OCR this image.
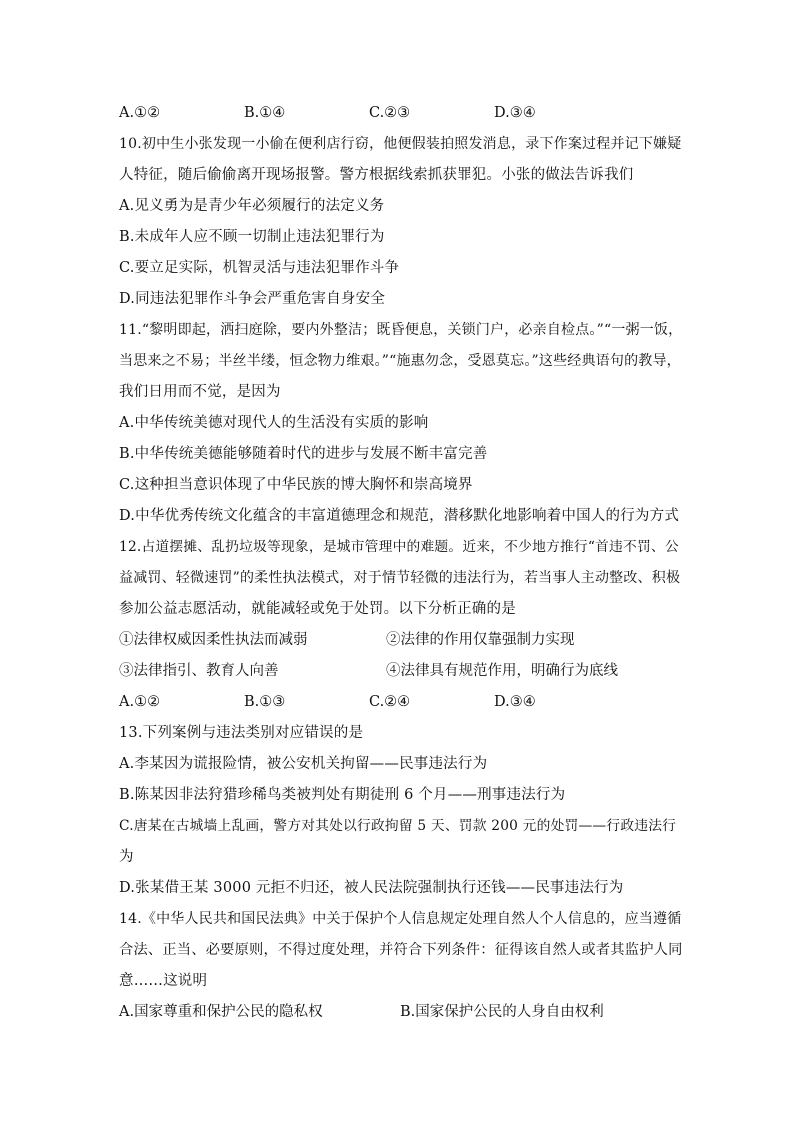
A.①②	B.①④	C.②③	D.③④
10.初中生小张发现一小偷在便利店行窃，他便假装拍照发消息，录下作案过程并记下嫌疑
人特征，随后偷偷离开现场报警。警方根据线索抓获罪犯。小张的做法告诉我们
A.见义勇为是青少年必须履行的法定义务
B.未成年人应不顾一切制止违法犯罪行为
C.要立足实际，机智灵活与违法犯罪作斗争
D.同违法犯罪作斗争会严重危害自身安全
11.“黎明即起，洒扫庭除，要内外整洁；既昏便息，关锁门户，必亲自检点。”“一粥一饭，
当思来之不易；半丝半缕，恒念物力维艰。”“施惠勿念，受恩莫忘。”这些经典语句的教导，
我们日用而不觉，是因为
A.中华传统美德对现代人的生活没有实质的影响
B.中华传统美德能够随着时代的进步与发展不断丰富完善
C.这种担当意识体现了中华民族的博大胸怀和崇高境界
D.中华优秀传统文化蕴含的丰富道德理念和规范，潜移默化地影响着中国人的行为方式
12.占道摆摊、乱扔垃圾等现象，是城市管理中的难题。近来，不少地方推行“首违不罚、公
益减罚、轻微速罚”的柔性执法模式，对于情节轻微的违法行为，若当事人主动整改、积极
参加公益志愿活动，就能减轻或免于处罚。以下分析正确的是
①法律权威因柔性执法而减弱	②法律的作用仅靠强制力实现
③法律指引、教育人向善	④法律具有规范作用，明确行为底线
A.①②	B.①③	C.②④	D.③④
13.下列案例与违法类别对应错误的是
A.李某因为谎报险情，被公安机关拘留——民事违法行为
B.陈某因非法狩猎珍稀鸟类被判处有期徒刑 6 个月——刑事违法行为
C.唐某在古城墙上乱画，警方对其处以行政拘留 5 天、罚款 200 元的处罚——行政违法行
为
D.张某借王某 3000 元拒不归还，被人民法院强制执行还钱——民事违法行为
14.《中华人民共和国民法典》中关于保护个人信息规定处理自然人个人信息的，应当遵循
合法、正当、必要原则，不得过度处理，并符合下列条件：征得该自然人或者其监护人同
意……这说明
A.国家尊重和保护公民的隐私权	B.国家保护公民的人身自由权利
